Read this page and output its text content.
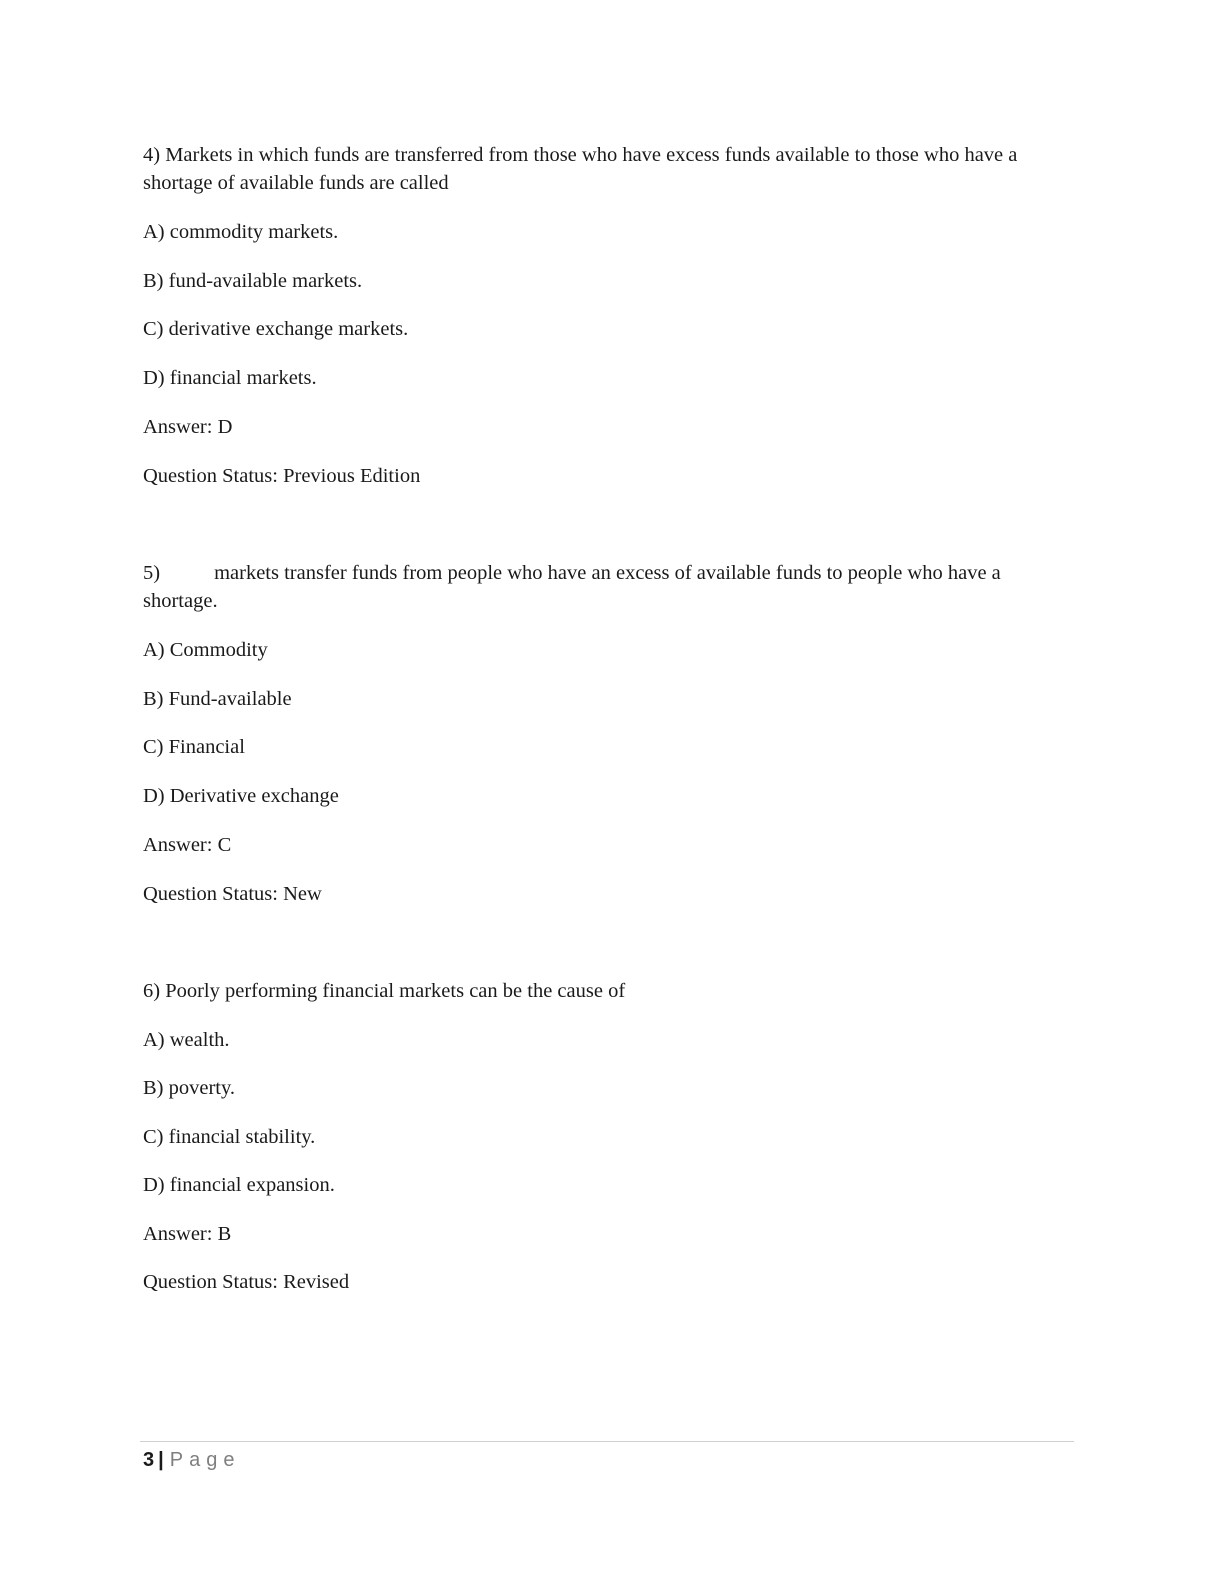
4) Markets in which funds are transferred from those who have excess funds available to those who have a shortage of available funds are called
A) commodity markets.
B) fund-available markets.
C) derivative exchange markets.
D) financial markets.
Answer: D
Question Status: Previous Edition
5)	markets transfer funds from people who have an excess of available funds to people who have a shortage.
A) Commodity
B) Fund-available
C) Financial
D) Derivative exchange
Answer: C
Question Status: New
6) Poorly performing financial markets can be the cause of
A) wealth.
B) poverty.
C) financial stability.
D) financial expansion.
Answer: B
Question Status: Revised
3 | Page
